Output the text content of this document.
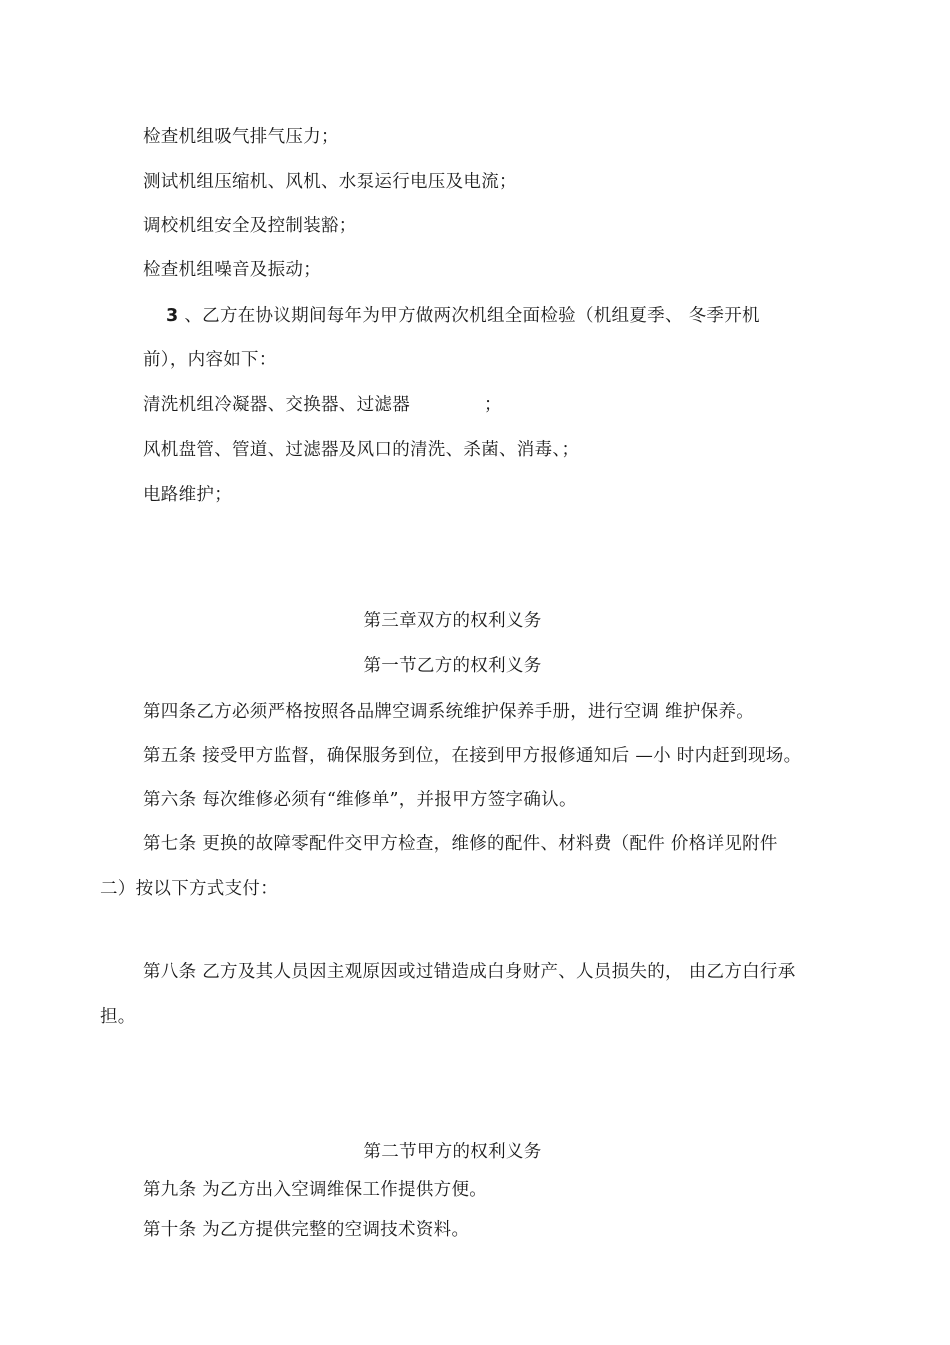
检查机组吸气排气压力；
测试机组压缩机、风机、水泵运行电压及电流；
调校机组安全及控制装豁；
检查机组噪音及振动；
3 、乙方在协议期间每年为甲方做两次机组全面检验（机组夏季、 冬季开机
前），内容如下：
清洗机组冷凝器、交换器、过滤器	；
风机盘管、管道、过滤器及风口的清洗、杀菌、消毒、；
电路维护；
第三章双方的权利义务
第一节乙方的权利义务
第四条乙方必须严格按照各品牌空调系统维护保养手册，进行空调 维护保养。
第五条 接受甲方监督，确保服务到位，在接到甲方报修通知后 —小 时内赶到现场。
第六条 每次维修必须有“维修单”，并报甲方签字确认。
第七条 更换的故障零配件交甲方检查，维修的配件、材料费（配件 价格详见附件
二）按以下方式支付：
第八条 乙方及其人员因主观原因或过错造成白身财产、人员损失的， 由乙方白行承
担。
第二节甲方的权利义务
第九条 为乙方出入空调维保工作提供方便。
第十条 为乙方提供完整的空调技术资料。
